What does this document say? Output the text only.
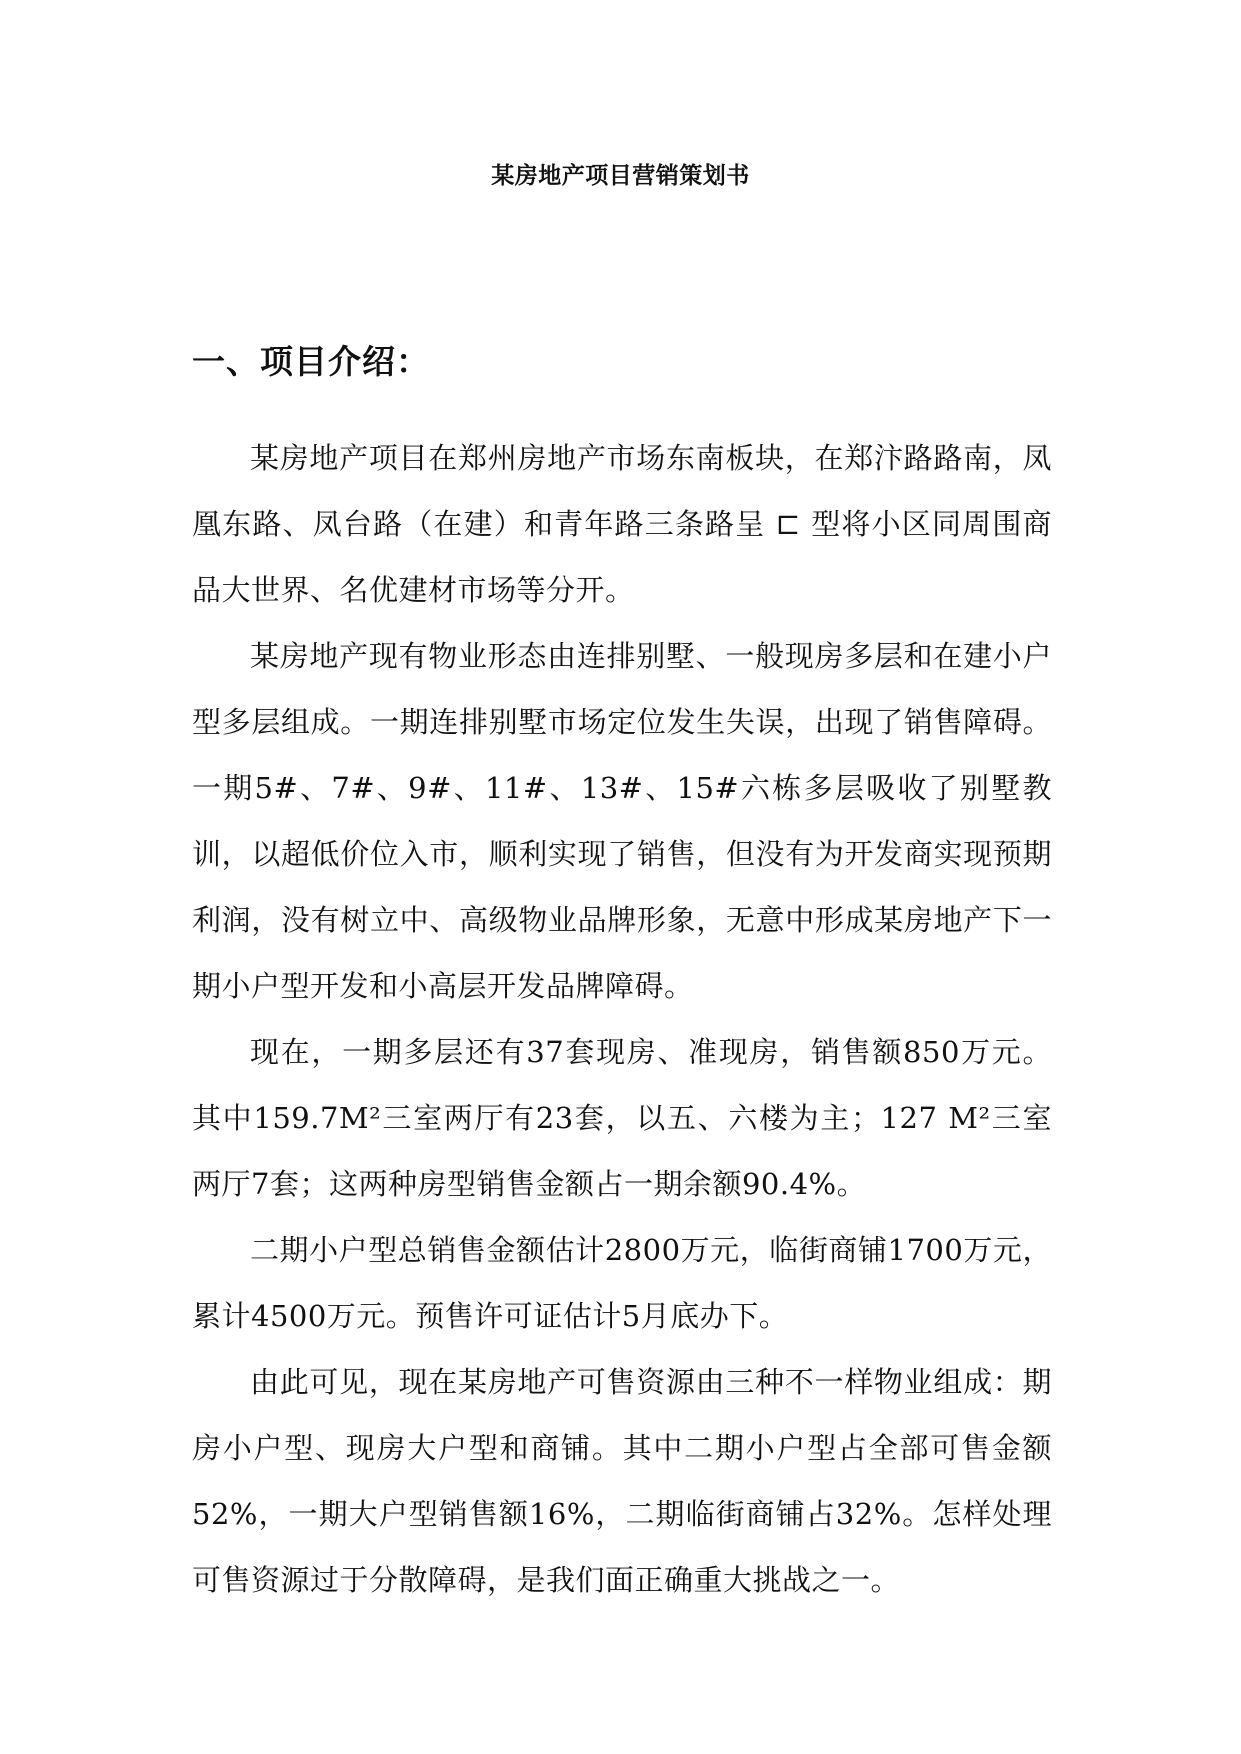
某房地产项目营销策划书
一、项目介绍：

某房地产项目在郑州房地产市场东南板块，在郑汴路路南，凤凰东路、凤台路（在建）和青年路三条路呈 ⊏ 型将小区同周围商品大世界、名优建材市场等分开。

某房地产现有物业形态由连排别墅、一般现房多层和在建小户型多层组成。一期连排别墅市场定位发生失误，出现了销售障碍。一期5#、7#、9#、11#、13#、15#六栋多层吸收了别墅教训，以超低价位入市，顺利实现了销售，但没有为开发商实现预期利润，没有树立中、高级物业品牌形象，无意中形成某房地产下一期小户型开发和小高层开发品牌障碍。

现在，一期多层还有37套现房、准现房，销售额850万元。其中159.7M²三室两厅有23套，以五、六楼为主；127 M²三室两厅7套；这两种房型销售金额占一期余额90.4%。

二期小户型总销售金额估计2800万元，临街商铺1700万元，累计4500万元。预售许可证估计5月底办下。

由此可见，现在某房地产可售资源由三种不一样物业组成：期房小户型、现房大户型和商铺。其中二期小户型占全部可售金额52%，一期大户型销售额16%，二期临街商铺占32%。怎样处理可售资源过于分散障碍，是我们面正确重大挑战之一。
